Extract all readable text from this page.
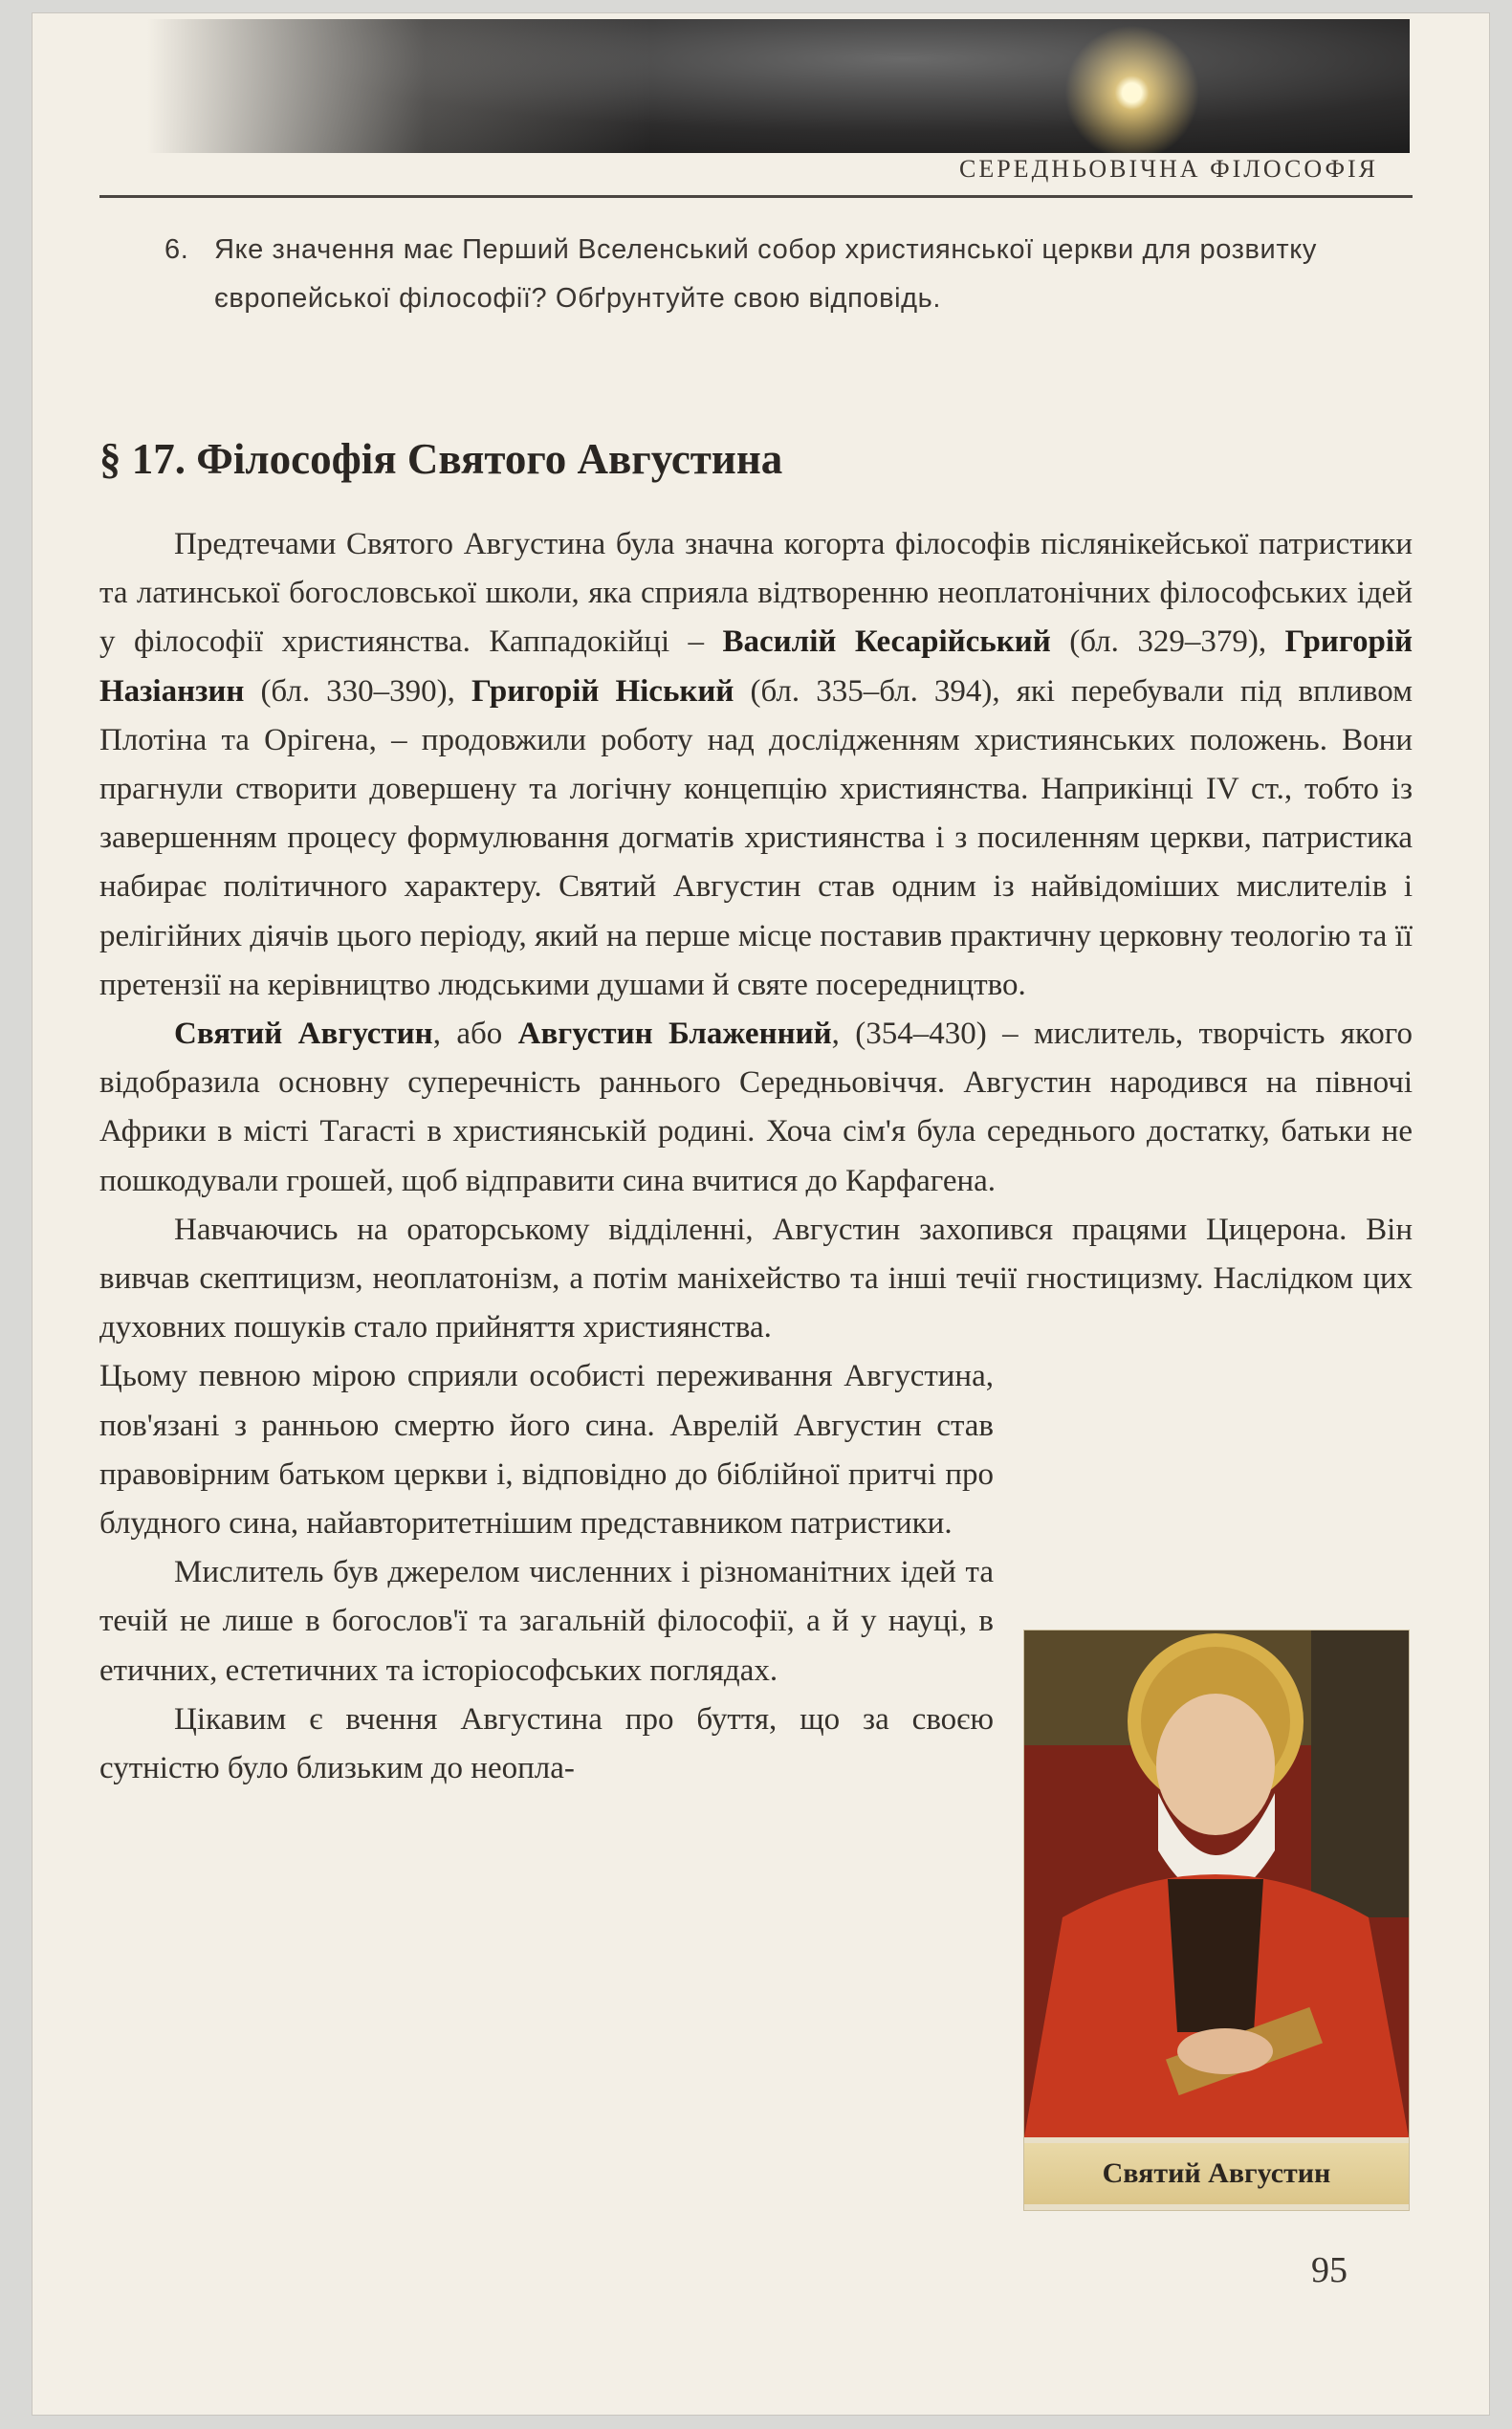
СЕРЕДНЬОВІЧНА ФІЛОСОФІЯ
6. Яке значення має Перший Вселенський собор християнської церкви для розвитку європейської філософії? Обґрунтуйте свою відповідь.
§ 17. Філософія Святого Августина

Предтечами Святого Августина була значна когорта філософів післянікейської патристики та латинської богословської школи, яка сприяла відтворенню неоплатонічних філософських ідей у філософії християнства. Каппадокійці – Василій Кесарійський (бл. 329–379), Григорій Назіанзин (бл. 330–390), Григорій Ніський (бл. 335–бл. 394), які перебували під впливом Плотіна та Орігена, – продовжили роботу над дослідженням християнських положень. Вони прагнули створити довершену та логічну концепцію християнства. Наприкінці IV ст., тобто із завершенням процесу формулювання догматів християнства і з посиленням церкви, патристика набирає політичного характеру. Святий Августин став одним із найвідоміших мислителів і релігійних діячів цього періоду, який на перше місце поставив практичну церковну теологію та її претензії на керівництво людськими душами й святе посередництво.

Святий Августин, або Августин Блаженний, (354–430) – мислитель, творчість якого відобразила основну суперечність раннього Середньовіччя. Августин народився на півночі Африки в місті Тагасті в християнській родині. Хоча сім'я була середнього достатку, батьки не пошкодували грошей, щоб відправити сина вчитися до Карфагена.

Навчаючись на ораторському відділенні, Августин захопився працями Цицерона. Він вивчав скептицизм, неоплатонізм, а потім маніхейство та інші течії гностицизму. Наслідком цих духовних пошуків стало прийняття християнства.

Цьому певною мірою сприяли особисті переживання Августина, пов'язані з ранньою смертю його сина. Аврелій Августин став правовірним батьком церкви і, відповідно до біблійної притчі про блудного сина, найавторитетнішим представником патристики.

Мислитель був джерелом численних і різноманітних ідей та течій не лише в богослов'ї та загальній філософії, а й у науці, в етичних, естетичних та історіософських поглядах.

Цікавим є вчення Августина про буття, що за своєю сутністю було близьким до неопла-

Святий Августин
95
